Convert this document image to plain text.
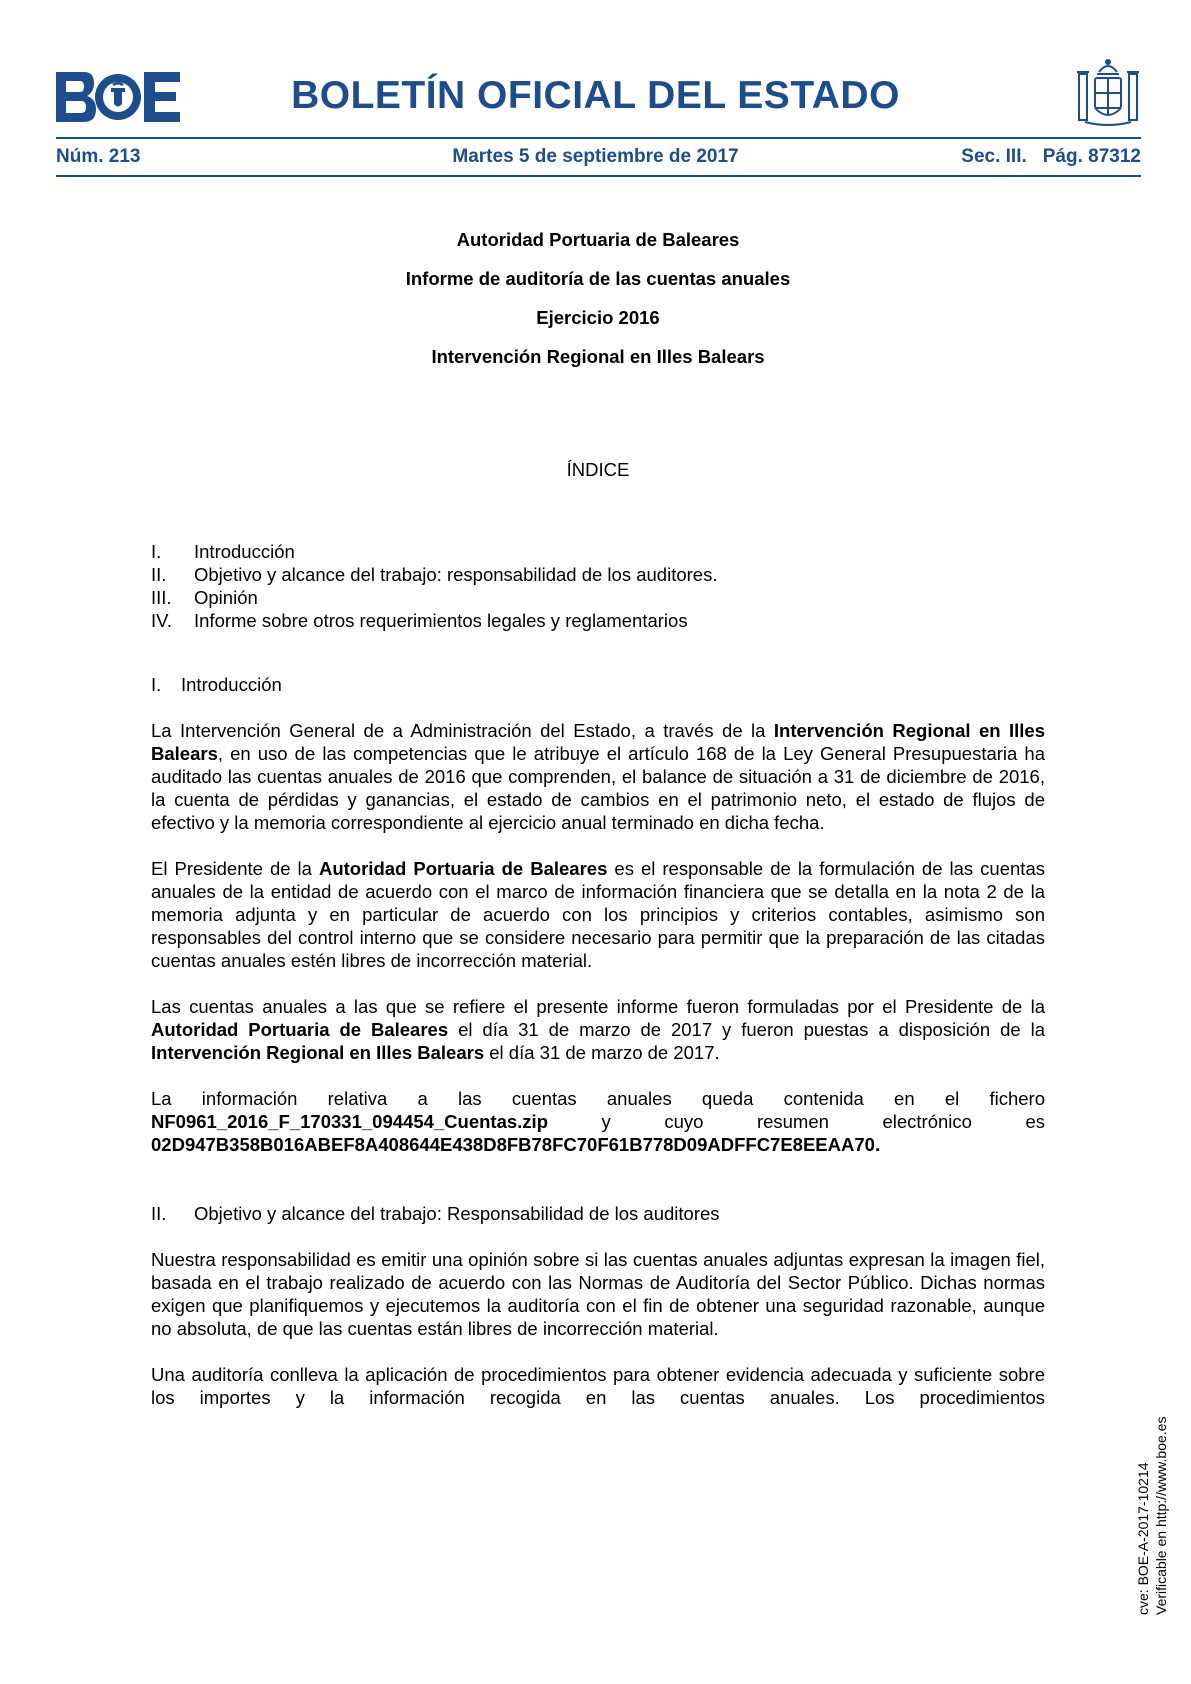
BOLETÍN OFICIAL DEL ESTADO
Núm. 213	Martes 5 de septiembre de 2017	Sec. III. Pág. 87312
Autoridad Portuaria de Baleares
Informe de auditoría de las cuentas anuales
Ejercicio 2016
Intervención Regional en Illes Balears
ÍNDICE
I.	Introducción
II.	Objetivo y alcance del trabajo: responsabilidad de los auditores.
III.	Opinión
IV.	Informe sobre otros requerimientos legales y reglamentarios
I.	Introducción

La Intervención General de a Administración del Estado, a través de la Intervención Regional en Illes Balears, en uso de las competencias que le atribuye el artículo 168 de la Ley General Presupuestaria ha auditado las cuentas anuales de 2016 que comprenden, el balance de situación a 31 de diciembre de 2016, la cuenta de pérdidas y ganancias, el estado de cambios en el patrimonio neto, el estado de flujos de efectivo y la memoria correspondiente al ejercicio anual terminado en dicha fecha.

El Presidente de la Autoridad Portuaria de Baleares es el responsable de la formulación de las cuentas anuales de la entidad de acuerdo con el marco de información financiera que se detalla en la nota 2 de la memoria adjunta y en particular de acuerdo con los principios y criterios contables, asimismo son responsables del control interno que se considere necesario para permitir que la preparación de las citadas cuentas anuales estén libres de incorrección material.

Las cuentas anuales a las que se refiere el presente informe fueron formuladas por el Presidente de la Autoridad Portuaria de Baleares el día 31 de marzo de 2017 y fueron puestas a disposición de la Intervención Regional en Illes Balears el día 31 de marzo de 2017.

La información relativa a las cuentas anuales queda contenida en el fichero NF0961_2016_F_170331_094454_Cuentas.zip y cuyo resumen electrónico es 02D947B358B016ABEF8A408644E438D8FB78FC70F61B778D09ADFFC7E8EEAA70.

II.	Objetivo y alcance del trabajo: Responsabilidad de los auditores

Nuestra responsabilidad es emitir una opinión sobre si las cuentas anuales adjuntas expresan la imagen fiel, basada en el trabajo realizado de acuerdo con las Normas de Auditoría del Sector Público. Dichas normas exigen que planifiquemos y ejecutemos la auditoría con el fin de obtener una seguridad razonable, aunque no absoluta, de que las cuentas están libres de incorrección material.

Una auditoría conlleva la aplicación de procedimientos para obtener evidencia adecuada y suficiente sobre los importes y la información recogida en las cuentas anuales. Los procedimientos

cve: BOE-A-2017-10214 Verificable en http://www.boe.es
